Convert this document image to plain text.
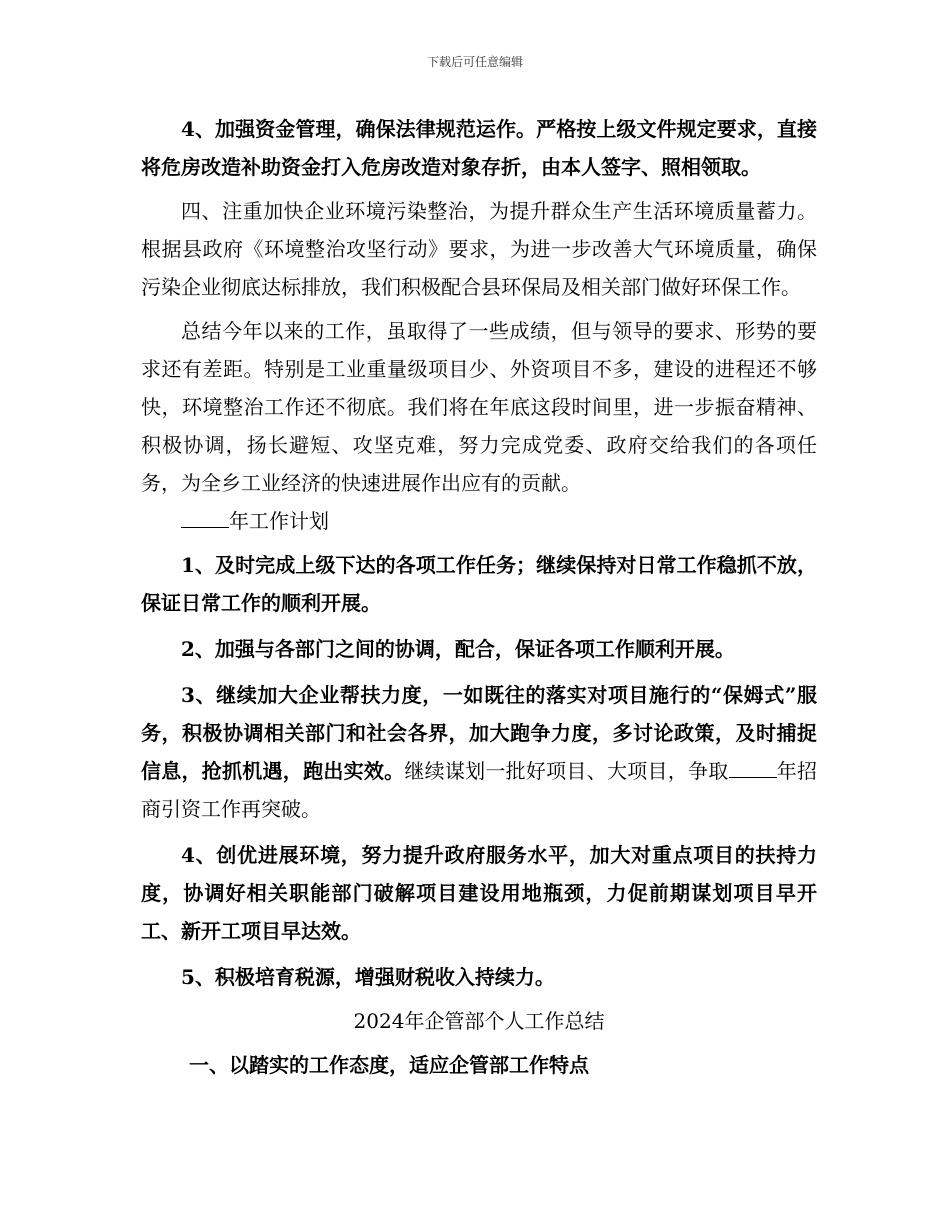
下载后可任意编辑

4、加强资金管理，确保法律规范运作。严格按上级文件规定要求，直接将危房改造补助资金打入危房改造对象存折，由本人签字、照相领取。

四、注重加快企业环境污染整治，为提升群众生产生活环境质量蓄力。根据县政府《环境整治攻坚行动》要求，为进一步改善大气环境质量，确保污染企业彻底达标排放，我们积极配合县环保局及相关部门做好环保工作。

总结今年以来的工作，虽取得了一些成绩，但与领导的要求、形势的要求还有差距。特别是工业重量级项目少、外资项目不多，建设的进程还不够快，环境整治工作还不彻底。我们将在年底这段时间里，进一步振奋精神、积极协调，扬长避短、攻坚克难，努力完成党委、政府交给我们的各项任务，为全乡工业经济的快速进展作出应有的贡献。

年工作计划

1、及时完成上级下达的各项工作任务；继续保持对日常工作稳抓不放，保证日常工作的顺利开展。

2、加强与各部门之间的协调，配合，保证各项工作顺利开展。

3、继续加大企业帮扶力度，一如既往的落实对项目施行的“保姆式”服务，积极协调相关部门和社会各界，加大跑争力度，多讨论政策，及时捕捉信息，抢抓机遇，跑出实效。继续谋划一批好项目、大项目，争取 年招商引资工作再突破。

4、创优进展环境，努力提升政府服务水平，加大对重点项目的扶持力度，协调好相关职能部门破解项目建设用地瓶颈，力促前期谋划项目早开工、新开工项目早达效。

5、积极培育税源，增强财税收入持续力。

2024年企管部个人工作总结

一、以踏实的工作态度，适应企管部工作特点
